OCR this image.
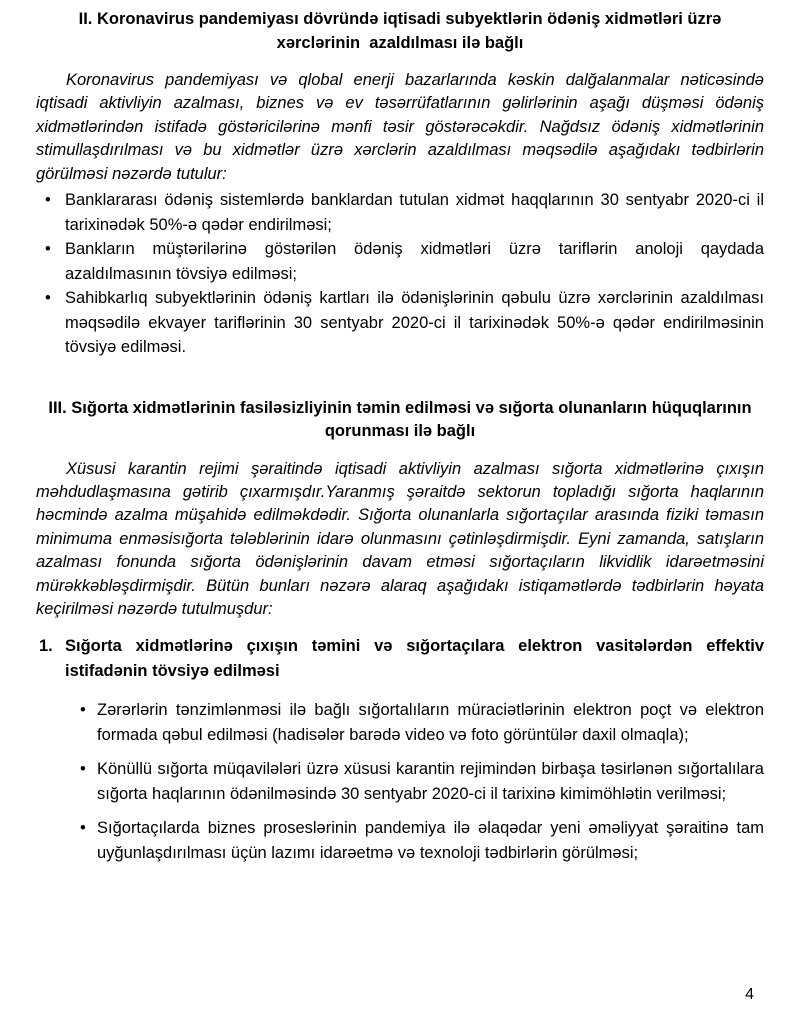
II. Koronavirus pandemiyası dövründə iqtisadi subyektlərin ödəniş xidmətləri üzrə xərclərinin  azaldılması ilə bağlı

Koronavirus pandemiyası və qlobal enerji bazarlarında kəskin dalğalanmalar nəticəsində iqtisadi aktivliyin azalması, biznes və ev təsərrüfatlarının gəlirlərinin aşağı düşməsi ödəniş xidmətlərindən istifadə göstəricilərinə mənfi təsir göstərəcəkdir. Nağdsız ödəniş xidmətlərinin stimullaşdırılması və bu xidmətlər üzrə xərclərin azaldılması məqsədilə aşağıdakı tədbirlərin görülməsi nəzərdə tutulur:

• Banklararası ödəniş sistemlərdə banklardan tutulan xidmət haqqlarının 30 sentyabr 2020-ci il tarixinədək 50%-ə qədər endirilməsi;
• Bankların müştərilərinə göstərilən ödəniş xidmətləri üzrə tariflərin anoloji qaydada azaldılmasının tövsiyə edilməsi;
• Sahibkarlıq subyektlərinin ödəniş kartları ilə ödənişlərinin qəbulu üzrə xərclərinin azaldılması məqsədilə ekvayer tariflərinin 30 sentyabr 2020-ci il tarixinədək 50%-ə qədər endirilməsinin tövsiyə edilməsi.
III. Sığorta xidmətlərinin fasiləsizliyinin təmin edilməsi və sığorta olunanların hüquqlarının qorunması ilə bağlı

Xüsusi karantin rejimi şəraitində iqtisadi aktivliyin azalması sığorta xidmətlərinə çıxışın məhdudlaşmasına gətirib çıxarmışdır.Yaranmış şəraitdə sektorun topladığı sığorta haqlarının həcmində azalma müşahidə edilməkdədir. Sığorta olunanlarla sığortaçılar arasında fiziki təmasın minimuma enməsisığorta tələblərinin idarə olunmasını çətinləşdirmişdir. Eyni zamanda, satışların azalması fonunda sığorta ödənişlərinin davam etməsi sığortaçıların likvidlik idarəetməsini mürəkkəbləşdirmişdir. Bütün bunları nəzərə alaraq aşağıdakı istiqamətlərdə tədbirlərin həyata keçirilməsi nəzərdə tutulmuşdur:

1. Sığorta xidmətlərinə çıxışın təmini və sığortaçılara elektron vasitələrdən effektiv istifadənin tövsiyə edilməsi
• Zərərlərin tənzimlənməsi ilə bağlı sığortalıların müraciətlərinin elektron poçt və elektron formada qəbul edilməsi (hadisələr barədə video və foto görüntülər daxil olmaqla);
• Könüllü sığorta müqavilələri üzrə xüsusi karantin rejimindən birbaşa təsirlənən sığortalılara sığorta haqlarının ödənilməsində 30 sentyabr 2020-ci il tarixinə kimimöhlətin verilməsi;
• Sığortaçılarda biznes proseslərinin pandemiya ilə əlaqədar yeni əməliyyat şəraitinə tam uyğunlaşdırılması üçün lazımı idarəetmə və texnoloji tədbirlərin görülməsi;
4
